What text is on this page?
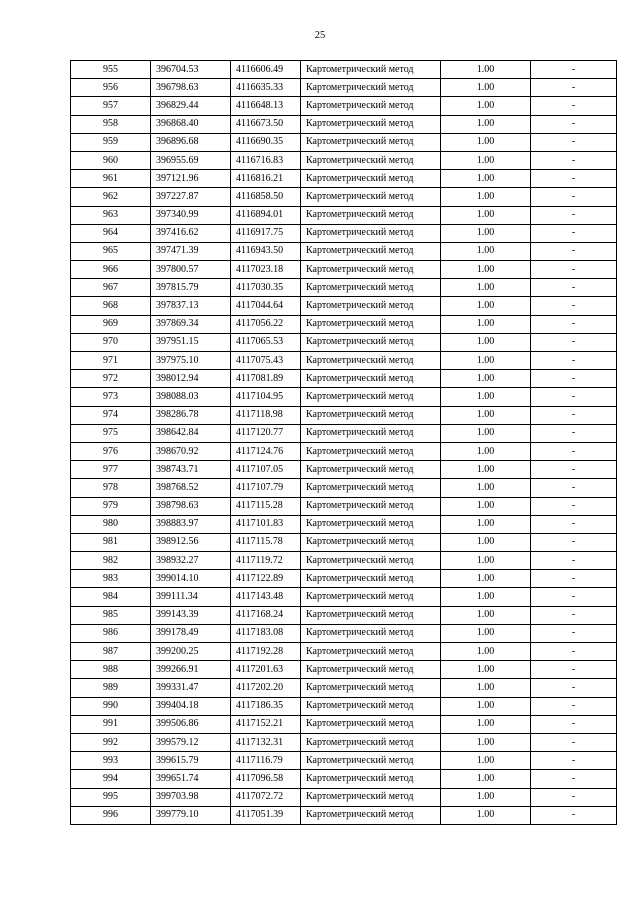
25
955	396704.53	4116606.49	Картометрический метод	1.00	-
956	396798.63	4116635.33	Картометрический метод	1.00	-
957	396829.44	4116648.13	Картометрический метод	1.00	-
958	396868.40	4116673.50	Картометрический метод	1.00	-
959	396896.68	4116690.35	Картометрический метод	1.00	-
960	396955.69	4116716.83	Картометрический метод	1.00	-
961	397121.96	4116816.21	Картометрический метод	1.00	-
962	397227.87	4116858.50	Картометрический метод	1.00	-
963	397340.99	4116894.01	Картометрический метод	1.00	-
964	397416.62	4116917.75	Картометрический метод	1.00	-
965	397471.39	4116943.50	Картометрический метод	1.00	-
966	397800.57	4117023.18	Картометрический метод	1.00	-
967	397815.79	4117030.35	Картометрический метод	1.00	-
968	397837.13	4117044.64	Картометрический метод	1.00	-
969	397869.34	4117056.22	Картометрический метод	1.00	-
970	397951.15	4117065.53	Картометрический метод	1.00	-
971	397975.10	4117075.43	Картометрический метод	1.00	-
972	398012.94	4117081.89	Картометрический метод	1.00	-
973	398088.03	4117104.95	Картометрический метод	1.00	-
974	398286.78	4117118.98	Картометрический метод	1.00	-
975	398642.84	4117120.77	Картометрический метод	1.00	-
976	398670.92	4117124.76	Картометрический метод	1.00	-
977	398743.71	4117107.05	Картометрический метод	1.00	-
978	398768.52	4117107.79	Картометрический метод	1.00	-
979	398798.63	4117115.28	Картометрический метод	1.00	-
980	398883.97	4117101.83	Картометрический метод	1.00	-
981	398912.56	4117115.78	Картометрический метод	1.00	-
982	398932.27	4117119.72	Картометрический метод	1.00	-
983	399014.10	4117122.89	Картометрический метод	1.00	-
984	399111.34	4117143.48	Картометрический метод	1.00	-
985	399143.39	4117168.24	Картометрический метод	1.00	-
986	399178.49	4117183.08	Картометрический метод	1.00	-
987	399200.25	4117192.28	Картометрический метод	1.00	-
988	399266.91	4117201.63	Картометрический метод	1.00	-
989	399331.47	4117202.20	Картометрический метод	1.00	-
990	399404.18	4117186.35	Картометрический метод	1.00	-
991	399506.86	4117152.21	Картометрический метод	1.00	-
992	399579.12	4117132.31	Картометрический метод	1.00	-
993	399615.79	4117116.79	Картометрический метод	1.00	-
994	399651.74	4117096.58	Картометрический метод	1.00	-
995	399703.98	4117072.72	Картометрический метод	1.00	-
996	399779.10	4117051.39	Картометрический метод	1.00	-
